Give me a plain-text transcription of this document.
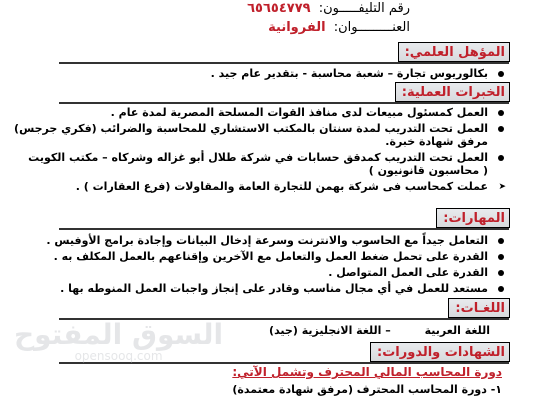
رقم التليفـــــون: ٦٥٦٥٤٧٧٩
العنـــــــــوان: الفروانية
المؤهل العلمي:
بكالوريوس تجارة – شعبة محاسبة - بتقدير عام جيد .
الخبرات العملية:
العمل كمسئول مبيعات لدى منافذ القوات المسلحة المصرية لمدة عام .
العمل تحت التدريب لمدة سنتان بالمكتب الاستشاري للمحاسبة والضرائب (فكري جرجس)
مرفق شهادة خبرة.
العمل تحت التدريب كمدقق حسابات في شركة طلال أبو غزاله وشركاه – مكتب الكويت
( محاسبون قانونيون )
➤ عملت كمحاسب فى شركة بهمن للتجارة العامة والمقاولات (فرع العقارات ) .
المهارات:
التعامل جيداً مع الحاسوب والانترنت وسرعة إدخال البيانات وإجادة برامج الأوفيس .
القدرة على تحمل ضغط العمل والتعامل مع الآخرين وإقناعهم بالعمل المكلف به .
القدرة على العمل المتواصل .
مستعد للعمل في أي مجال مناسب وقادر على إنجاز واجبات العمل المنوطه بها .
اللغـات:
اللغة العربية – اللغة الانجليزية (جيد)
الشهادات والدورات:
دورة المحاسب المالي المحترف وتشمل الآتي:
١- دورة المحاسب المحترف (مرفق شهادة معتمدة)
السوق المفتوح
opensooq.com
